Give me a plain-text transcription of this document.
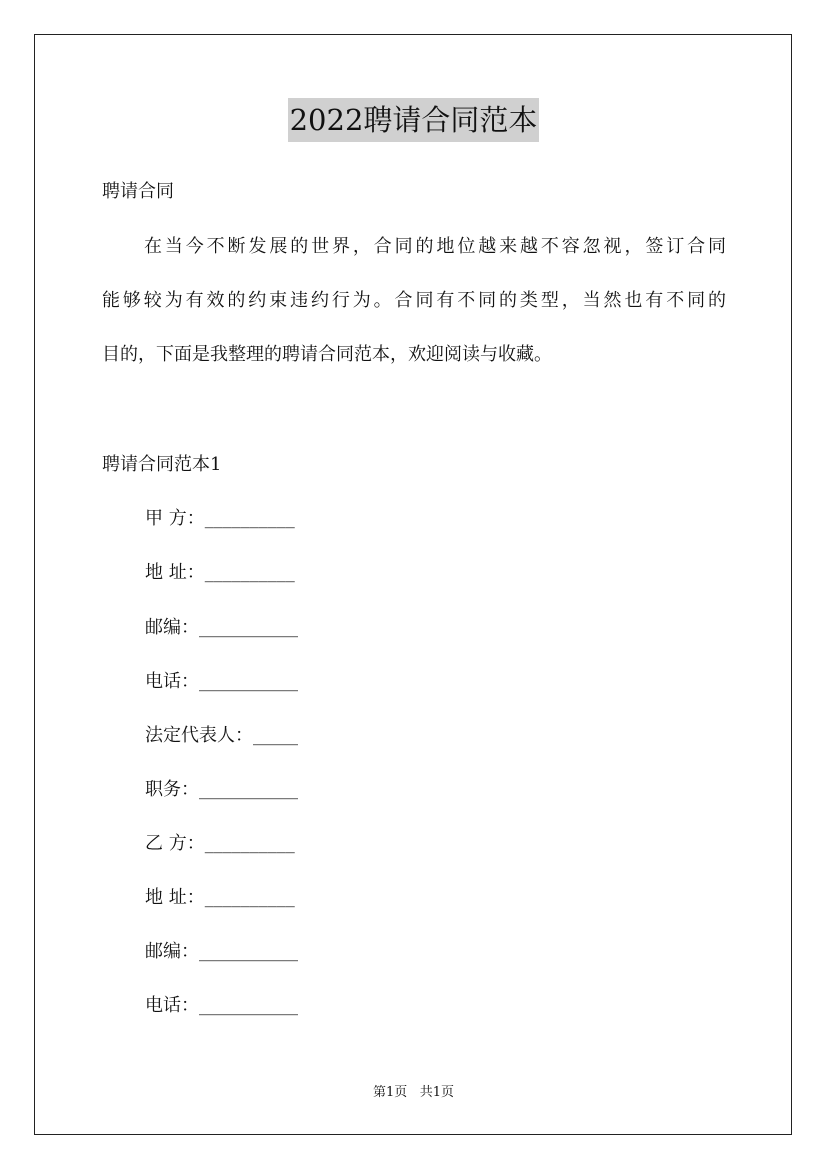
2022聘请合同范本
聘请合同
在当今不断发展的世界，合同的地位越来越不容忽视，签订合同
能够较为有效的约束违约行为。合同有不同的类型，当然也有不同的
目的，下面是我整理的聘请合同范本，欢迎阅读与收藏。
聘请合同范本1
甲 方：__________
地 址：__________
邮编：___________
电话：___________
法定代表人：_____
职务：___________
乙 方：__________
地 址：__________
邮编：___________
电话：___________
第1页 共1页
